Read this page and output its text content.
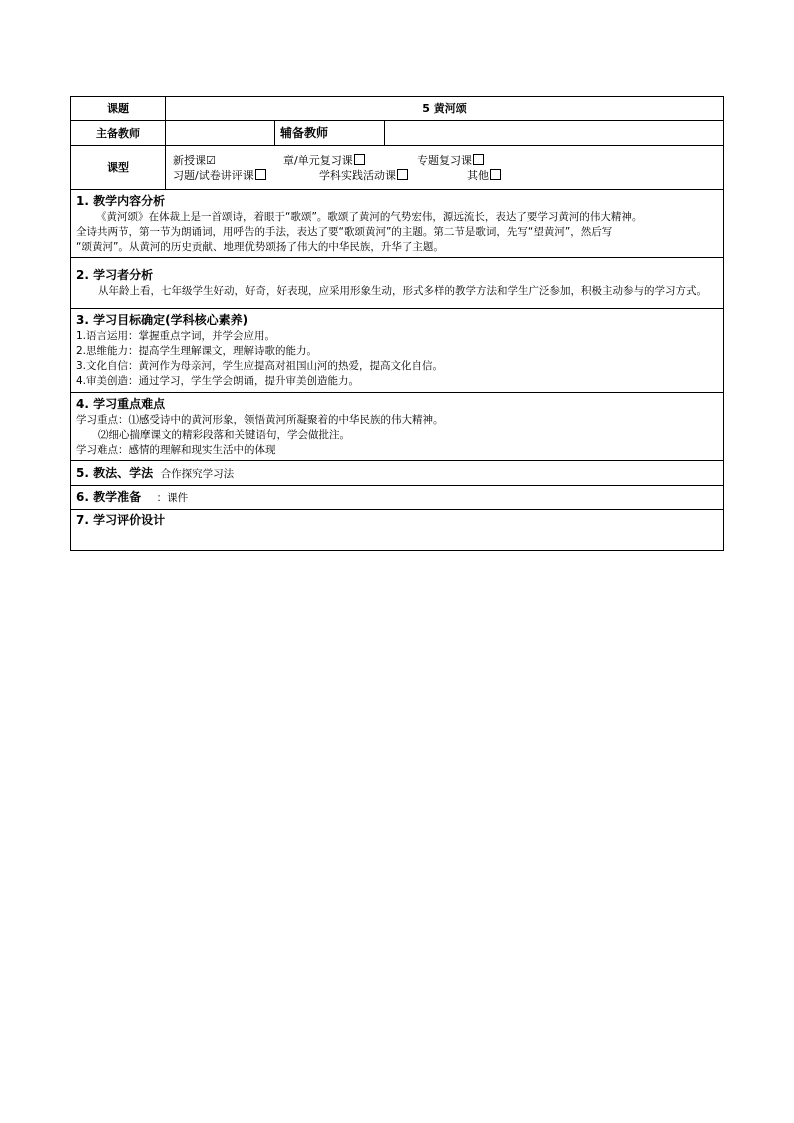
课题	5 黄河颂		
主备教师		辅备教师	
课型	新授课☑ 章/单元复习课 专题复习课
习题/试卷讲评课 学科实践活动课 其他		

1. 教学内容分析
《黄河颂》在体裁上是一首颂诗，着眼于“歌颂”。歌颂了黄河的气势宏伟，源远流长，表达了要学习黄河的伟大精神。
全诗共两节，第一节为朗诵词，用呼告的手法，表达了要“歌颂黄河”的主题。第二节是歌词，先写“望黄河”，然后写
“颂黄河”。从黄河的历史贡献、地理优势颂扬了伟大的中华民族，升华了主题。			

2. 学习者分析
从年龄上看，七年级学生好动，好奇，好表现，应采用形象生动，形式多样的教学方法和学生广泛参加，积极主动参与的学习方式。			

3. 学习目标确定(学科核心素养)
1.语言运用：掌握重点字词，并学会应用。
2.思维能力：提高学生理解课文，理解诗歌的能力。
3.文化自信：黄河作为母亲河，学生应提高对祖国山河的热爱，提高文化自信。
4.审美创造：通过学习，学生学会朗诵，提升审美创造能力。			

4. 学习重点难点
学习重点：⑴感受诗中的黄河形象，领悟黄河所凝聚着的中华民族的伟大精神。
⑵细心揣摩课文的精彩段落和关键语句，学会做批注。
学习难点：感情的理解和现实生活中的体现			

5. 教法、学法 合作探究学习法			
6. 教学准备 ：课件			

7. 学习评价设计			
